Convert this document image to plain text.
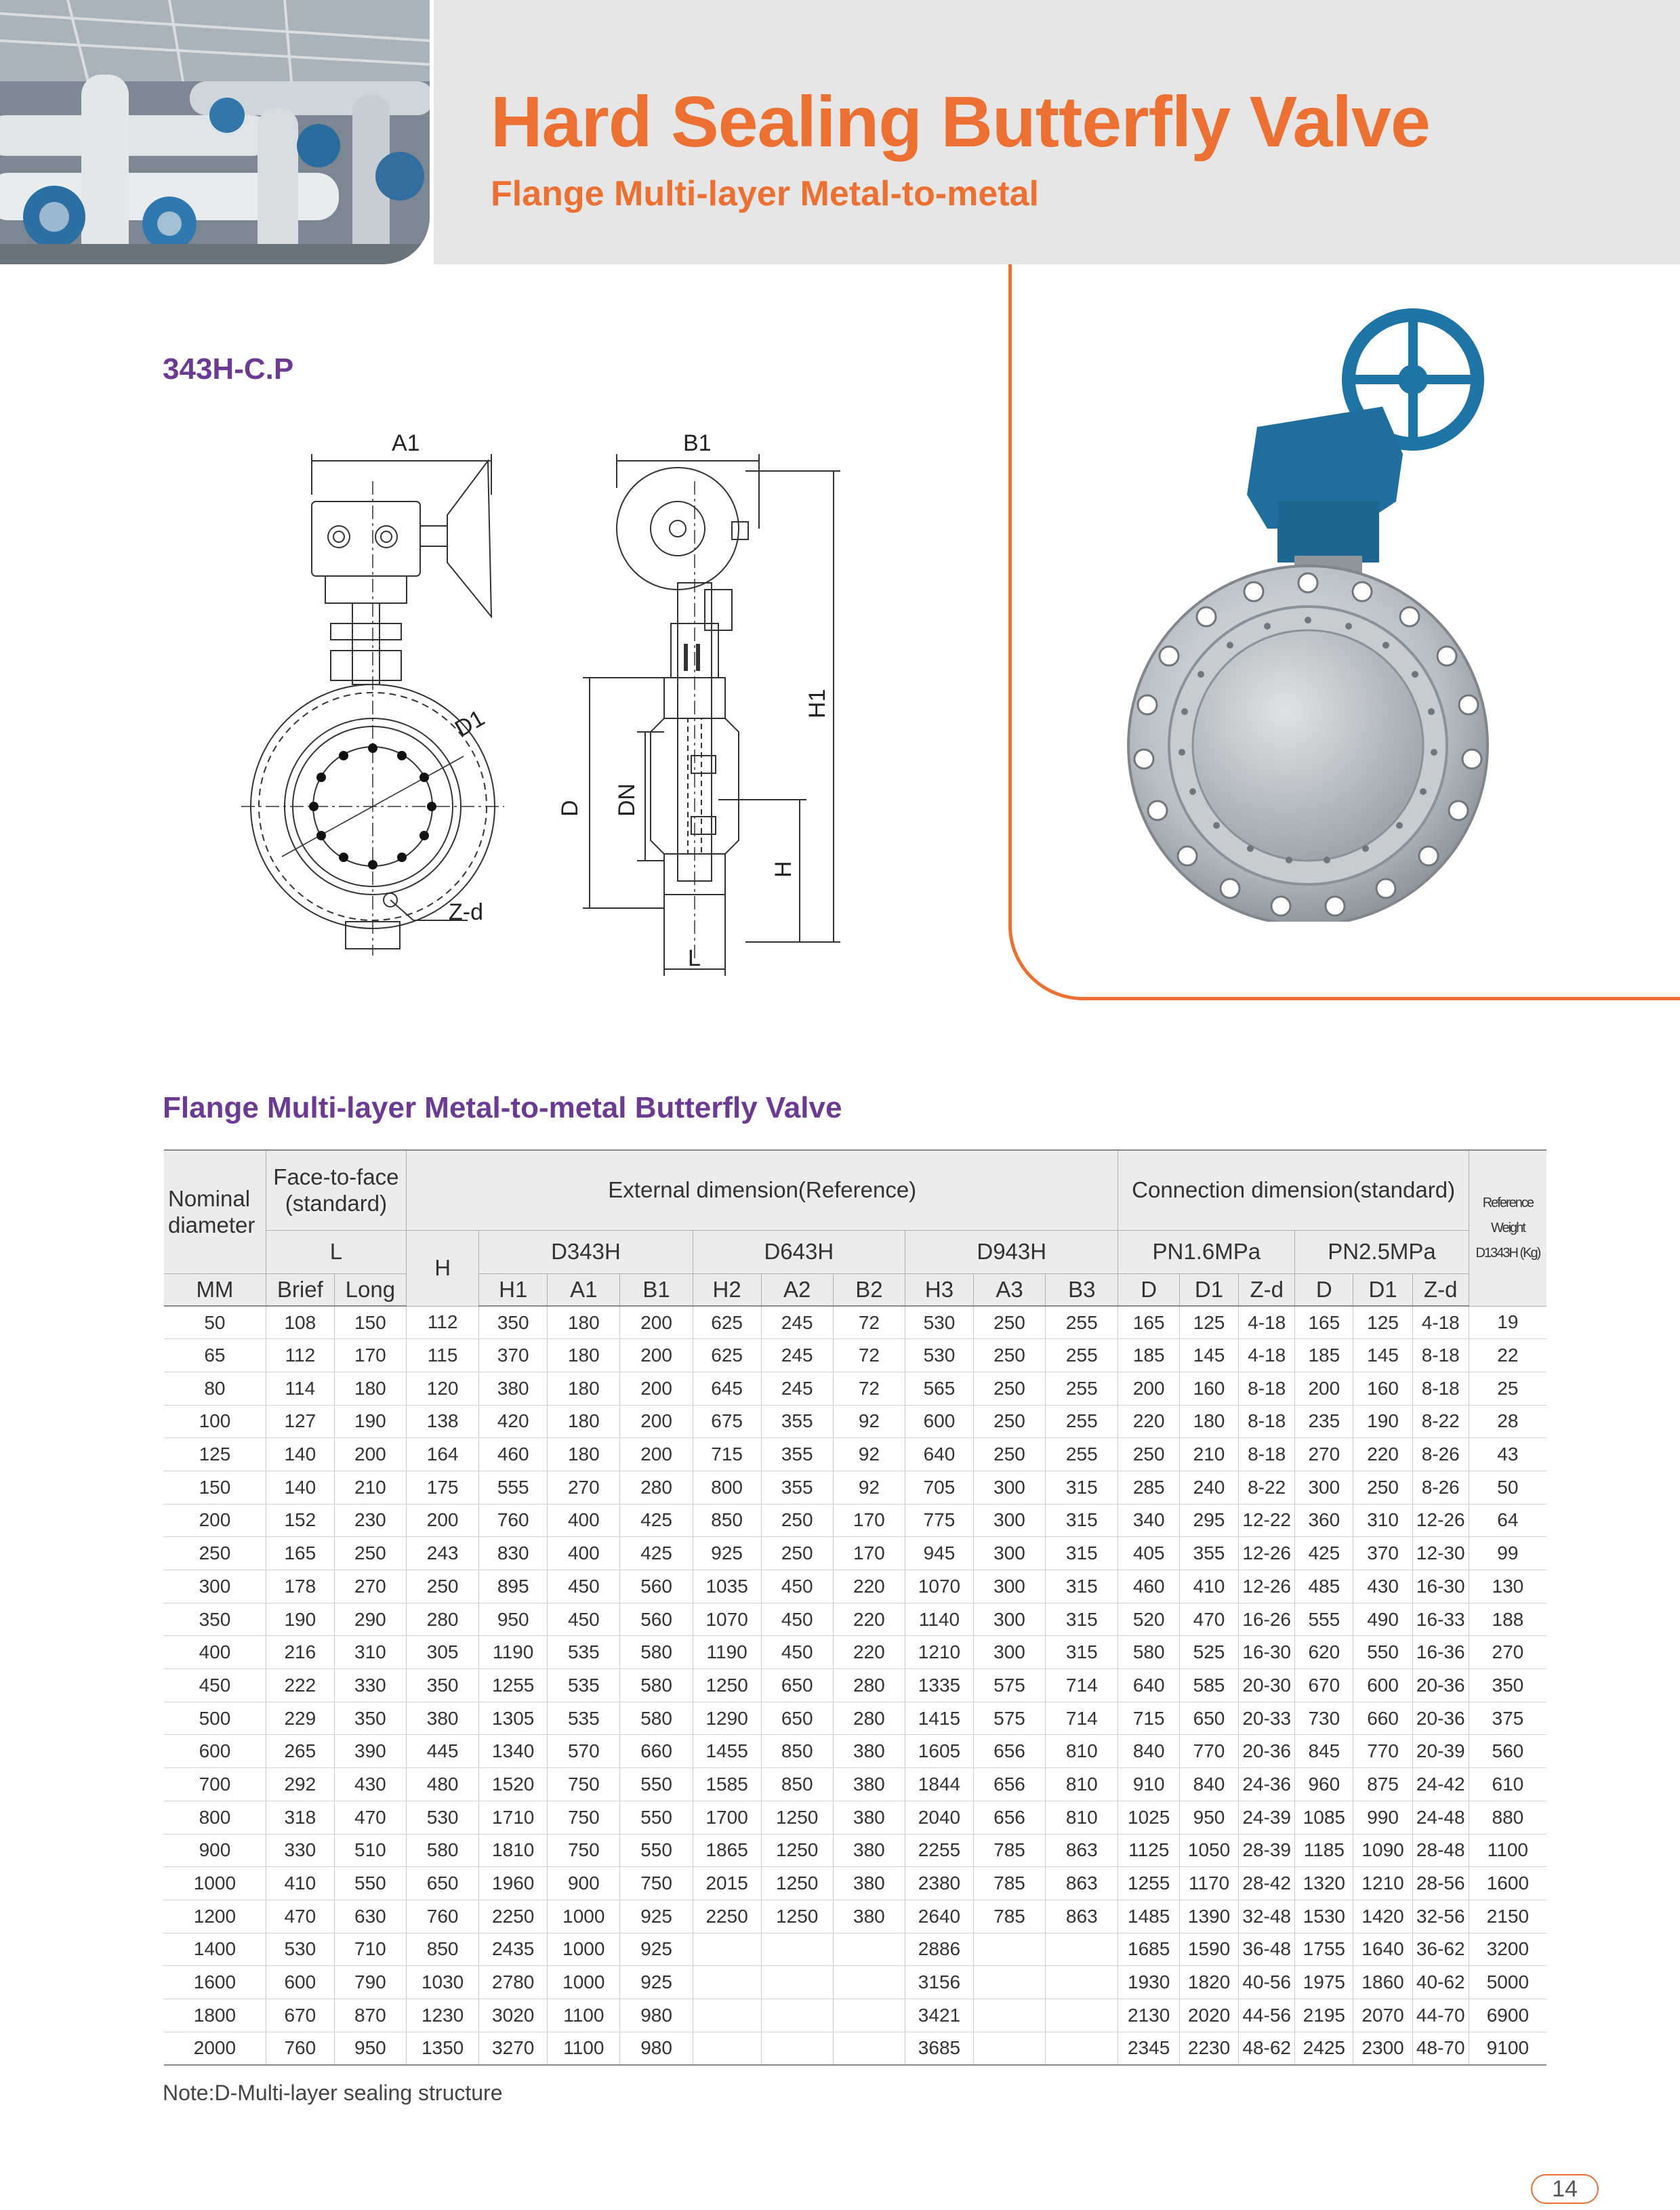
Hard Sealing Butterfly Valve
Flange Multi-layer Metal-to-metal
343H-C.P
A1	B1
D1
Z-d
D DN
H1
H
L
Flange Multi-layer Metal-to-metal Butterfly Valve
Nominal diameter	Face-to-face (standard)		External dimension(Reference)										Connection dimension(standard)						Reference Weight D1343H (Kg)
	L		H	D343H			D643H			D943H			PN1.6MPa			PN2.5MPa			
MM	Brief	Long		H1	A1	B1	H2	A2	B2	H3	A3	B3	D	D1	Z-d	D	D1	Z-d	
50	108	150	112	350	180	200	625	245	72	530	250	255	165	125	4-18	165	125	4-18	19
65	112	170	115	370	180	200	625	245	72	530	250	255	185	145	4-18	185	145	8-18	22
80	114	180	120	380	180	200	645	245	72	565	250	255	200	160	8-18	200	160	8-18	25
100	127	190	138	420	180	200	675	355	92	600	250	255	220	180	8-18	235	190	8-22	28
125	140	200	164	460	180	200	715	355	92	640	250	255	250	210	8-18	270	220	8-26	43
150	140	210	175	555	270	280	800	355	92	705	300	315	285	240	8-22	300	250	8-26	50
200	152	230	200	760	400	425	850	250	170	775	300	315	340	295	12-22	360	310	12-26	64
250	165	250	243	830	400	425	925	250	170	945	300	315	405	355	12-26	425	370	12-30	99
300	178	270	250	895	450	560	1035	450	220	1070	300	315	460	410	12-26	485	430	16-30	130
350	190	290	280	950	450	560	1070	450	220	1140	300	315	520	470	16-26	555	490	16-33	188
400	216	310	305	1190	535	580	1190	450	220	1210	300	315	580	525	16-30	620	550	16-36	270
450	222	330	350	1255	535	580	1250	650	280	1335	575	714	640	585	20-30	670	600	20-36	350
500	229	350	380	1305	535	580	1290	650	280	1415	575	714	715	650	20-33	730	660	20-36	375
600	265	390	445	1340	570	660	1455	850	380	1605	656	810	840	770	20-36	845	770	20-39	560
700	292	430	480	1520	750	550	1585	850	380	1844	656	810	910	840	24-36	960	875	24-42	610
800	318	470	530	1710	750	550	1700	1250	380	2040	656	810	1025	950	24-39	1085	990	24-48	880
900	330	510	580	1810	750	550	1865	1250	380	2255	785	863	1125	1050	28-39	1185	1090	28-48	1100
1000	410	550	650	1960	900	750	2015	1250	380	2380	785	863	1255	1170	28-42	1320	1210	28-56	1600
1200	470	630	760	2250	1000	925	2250	1250	380	2640	785	863	1485	1390	32-48	1530	1420	32-56	2150
1400	530	710	850	2435	1000	925				2886			1685	1590	36-48	1755	1640	36-62	3200
1600	600	790	1030	2780	1000	925				3156			1930	1820	40-56	1975	1860	40-62	5000
1800	670	870	1230	3020	1100	980				3421			2130	2020	44-56	2195	2070	44-70	6900
2000	760	950	1350	3270	1100	980				3685			2345	2230	48-62	2425	2300	48-70	9100
Note:D-Multi-layer sealing structure
14
